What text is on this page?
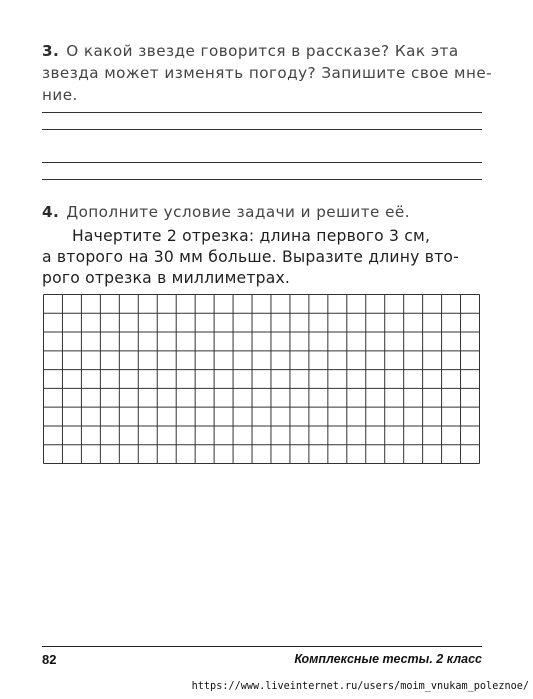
3. О какой звезде говорится в рассказе? Как эта
звезда может изменять погоду? Запишите свое мне-
ние.
4. Дополните условие задачи и решите её.
Начертите 2 отрезка: длина первого 3 см,
а второго на 30 мм больше. Выразите длину вто-
рого отрезка в миллиметрах.
82	Комплексные тесты. 2 класс
https://www.liveinternet.ru/users/moim_vnukam_poleznoe/
